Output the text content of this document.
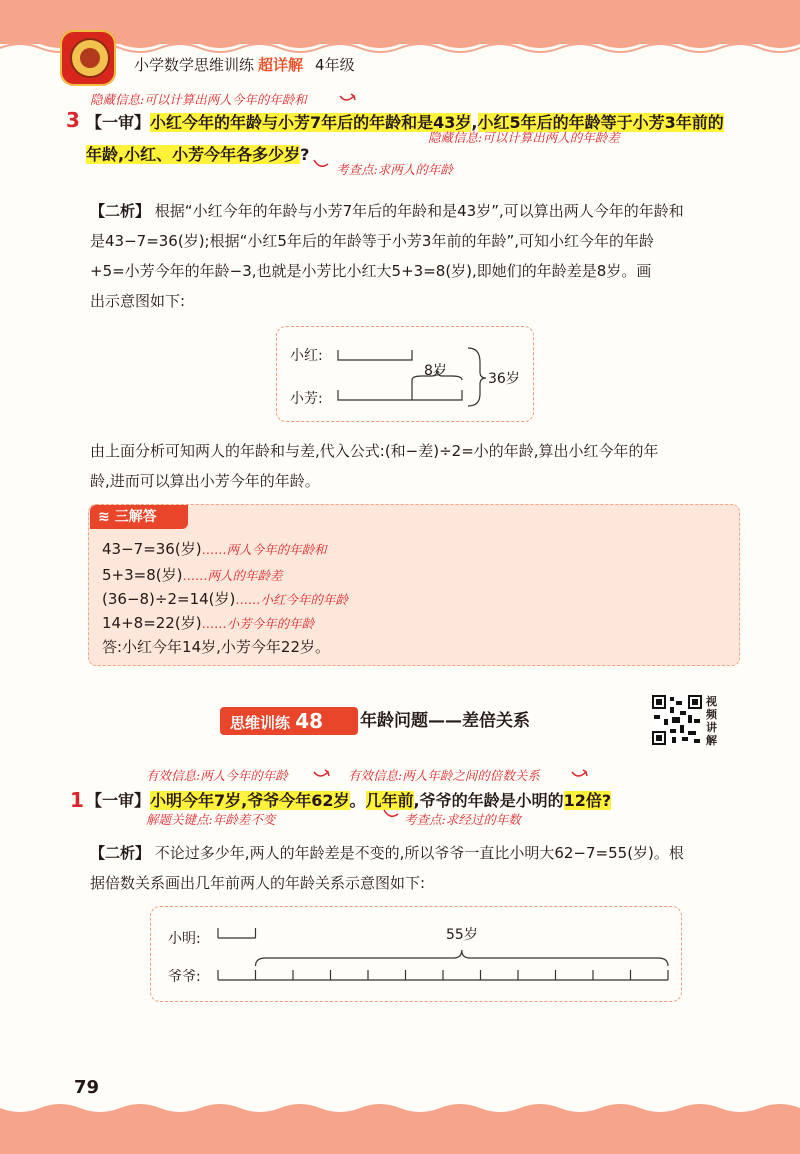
小学数学思维训练 超详解 4年级
隐藏信息:可以计算出两人今年的年龄和
3 【一审】小红今年的年龄与小芳7年后的年龄和是43岁,小红5年后的年龄等于小芳3年前的
隐藏信息:可以计算出两人的年龄差
年龄,小红、小芳今年各多少岁?
考查点:求两人的年龄
【二析】 根据“小红今年的年龄与小芳7年后的年龄和是43岁”,可以算出两人今年的年龄和
是43−7=36(岁);根据“小红5年后的年龄等于小芳3年前的年龄”,可知小红今年的年龄
+5=小芳今年的年龄−3,也就是小芳比小红大5+3=8(岁),即她们的年龄差是8岁。画
出示意图如下:
小红:
小芳:
8岁	36岁
由上面分析可知两人的年龄和与差,代入公式:(和−差)÷2=小的年龄,算出小红今年的年
龄,进而可以算出小芳今年的年龄。
≋ 三解答
43−7=36(岁)……两人今年的年龄和
5+3=8(岁)……两人的年龄差
(36−8)÷2=14(岁)……小红今年的年龄
14+8=22(岁)……小芳今年的年龄
答:小红今年14岁,小芳今年22岁。
思维训练 48	年龄问题——差倍关系
视频讲解
有效信息:两人今年的年龄	有效信息:两人年龄之间的倍数关系
1 【一审】小明今年7岁,爷爷今年62岁。几年前,爷爷的年龄是小明的12倍?
解题关键点:年龄差不变	考查点:求经过的年数
【二析】 不论过多少年,两人的年龄差是不变的,所以爷爷一直比小明大62−7=55(岁)。根
据倍数关系画出几年前两人的年龄关系示意图如下:
小明:
爷爷:
55岁
79
